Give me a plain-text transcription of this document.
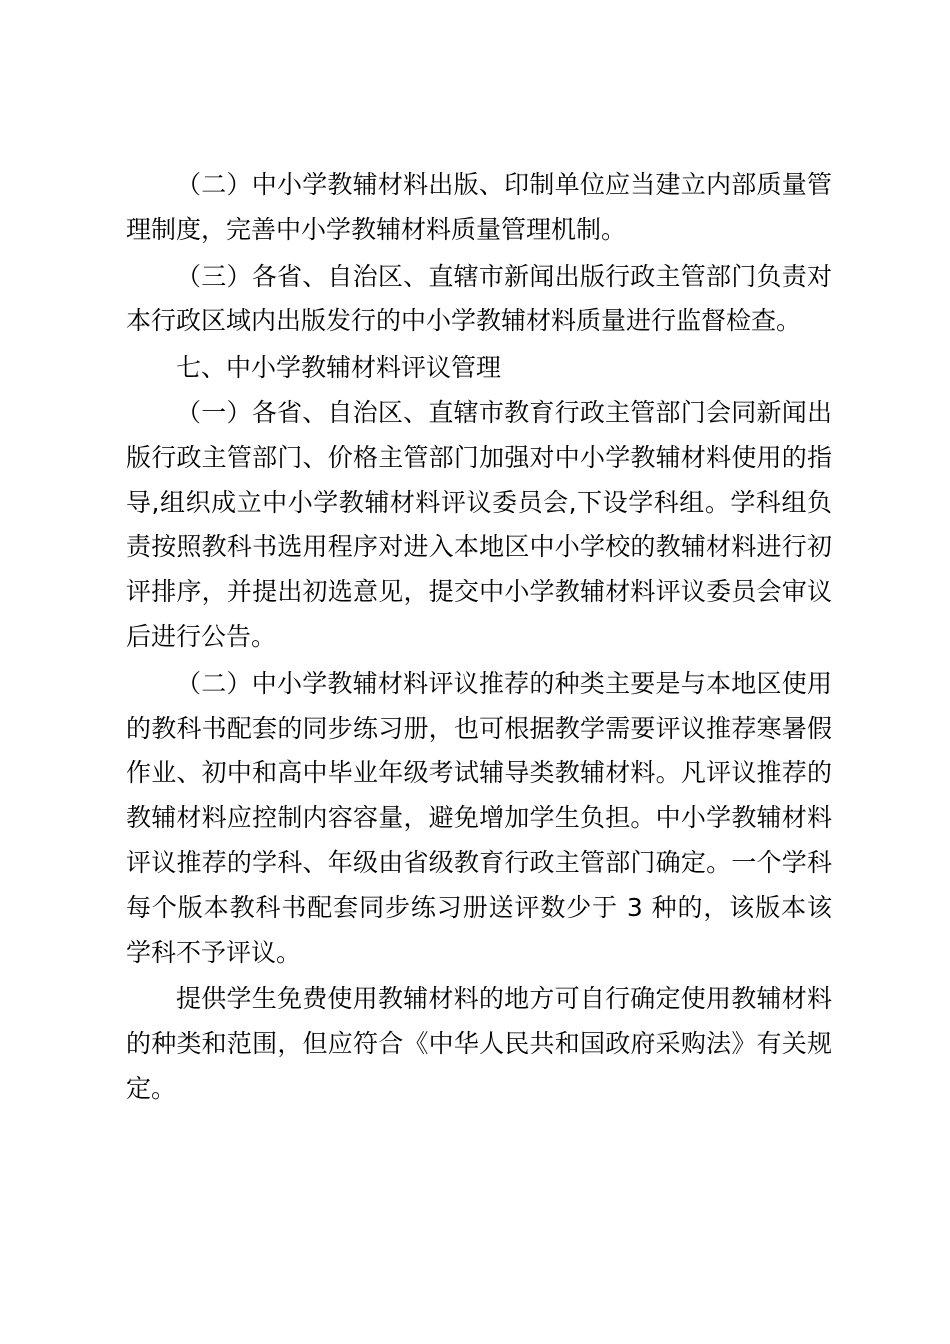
（二）中小学教辅材料出版、印制单位应当建立内部质量管理制度，完善中小学教辅材料质量管理机制。

（三）各省、自治区、直辖市新闻出版行政主管部门负责对本行政区域内出版发行的中小学教辅材料质量进行监督检查。

七、中小学教辅材料评议管理

（一）各省、自治区、直辖市教育行政主管部门会同新闻出版行政主管部门、价格主管部门加强对中小学教辅材料使用的指导,组织成立中小学教辅材料评议委员会,下设学科组。学科组负责按照教科书选用程序对进入本地区中小学校的教辅材料进行初评排序，并提出初选意见，提交中小学教辅材料评议委员会审议后进行公告。

（二）中小学教辅材料评议推荐的种类主要是与本地区使用的教科书配套的同步练习册，也可根据教学需要评议推荐寒暑假作业、初中和高中毕业年级考试辅导类教辅材料。凡评议推荐的教辅材料应控制内容容量，避免增加学生负担。中小学教辅材料评议推荐的学科、年级由省级教育行政主管部门确定。一个学科每个版本教科书配套同步练习册送评数少于 3 种的，该版本该学科不予评议。

提供学生免费使用教辅材料的地方可自行确定使用教辅材料的种类和范围，但应符合《中华人民共和国政府采购法》有关规定。
